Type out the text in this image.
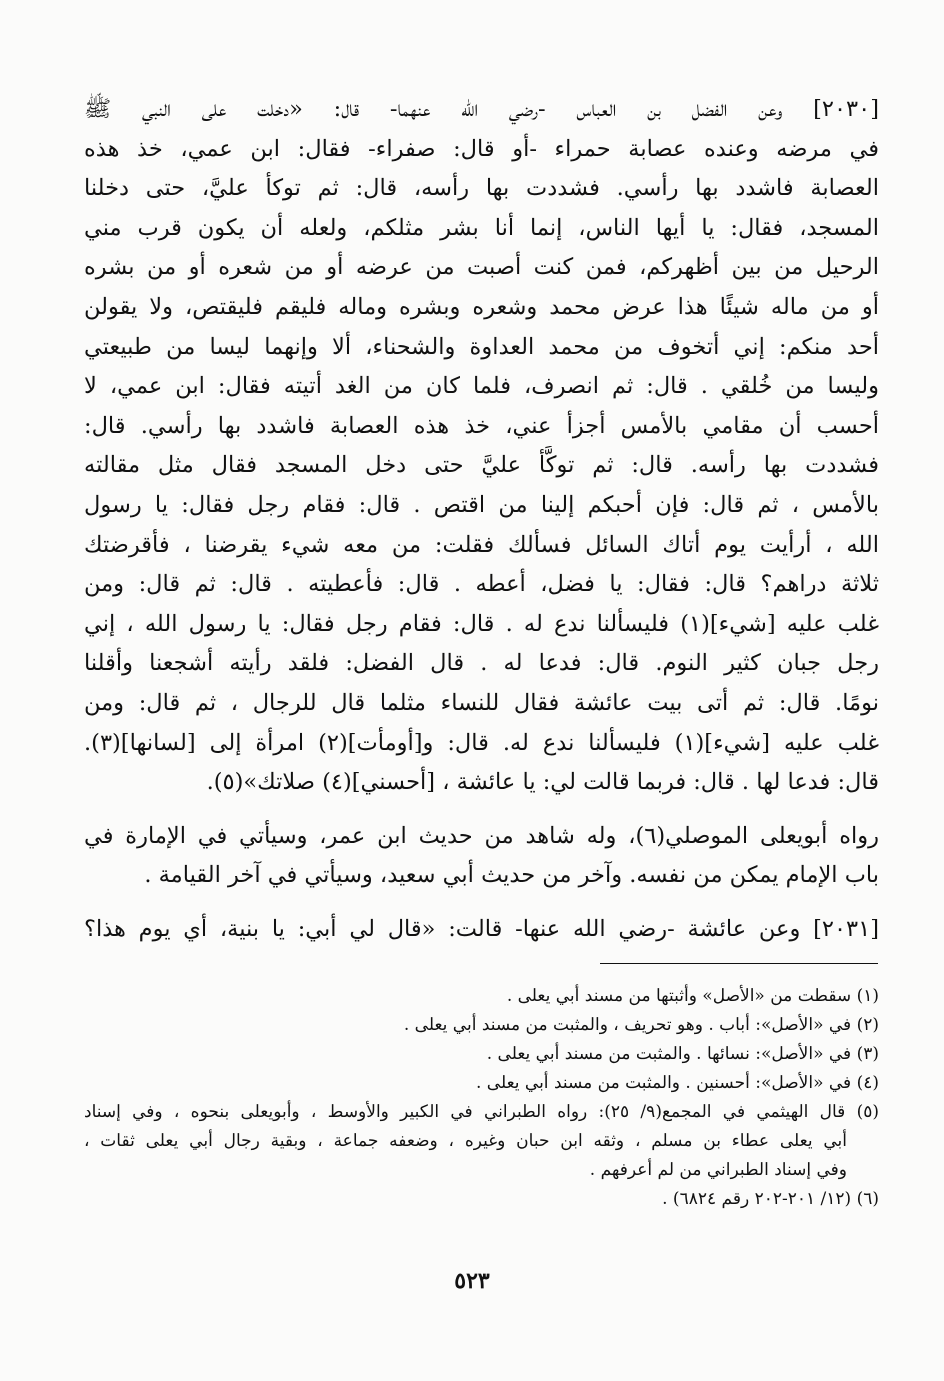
[٢٠٣٠] وعن الفضل بن العباس -رضي الله عنهما- قال: «دخلت على النبي ﷺ
في مرضه وعنده عصابة حمراء -أو قال: صفراء- فقال: ابن عمي، خذ هذه
العصابة فاشدد بها رأسي. فشددت بها رأسه، قال: ثم توكأ عليَّ، حتى دخلنا
المسجد، فقال: يا أيها الناس، إنما أنا بشر مثلكم، ولعله أن يكون قرب مني
الرحيل من بين أظهركم، فمن كنت أصبت من عرضه أو من شعره أو من بشره
أو من ماله شيئًا هذا عرض محمد وشعره وبشره وماله فليقم فليقتص، ولا يقولن
أحد منكم: إني أتخوف من محمد العداوة والشحناء، ألا وإنهما ليسا من طبيعتي
وليسا من خُلقي . قال: ثم انصرف، فلما كان من الغد أتيته فقال: ابن عمي، لا
أحسب أن مقامي بالأمس أجزأ عني، خذ هذه العصابة فاشدد بها رأسي. قال:
فشددت بها رأسه. قال: ثم توكَّأ عليَّ حتى دخل المسجد فقال مثل مقالته
بالأمس ، ثم قال: فإن أحبكم إلينا من اقتص . قال: فقام رجل فقال: يا رسول
الله ، أرأيت يوم أتاك السائل فسألك فقلت: من معه شيء يقرضنا ، فأقرضتك
ثلاثة دراهم؟ قال: فقال: يا فضل، أعطه . قال: فأعطيته . قال: ثم قال: ومن
غلب عليه [شيء](١) فليسألنا ندع له . قال: فقام رجل فقال: يا رسول الله ، إني
رجل جبان كثير النوم. قال: فدعا له . قال الفضل: فلقد رأيته أشجعنا وأقلنا
نومًا. قال: ثم أتى بيت عائشة فقال للنساء مثلما قال للرجال ، ثم قال: ومن
غلب عليه [شيء](١) فليسألنا ندع له. قال: و[أومأت](٢) امرأة إلى [لسانها](٣).
قال: فدعا لها . قال: فربما قالت لي: يا عائشة ، [أحسني](٤) صلاتك»(٥).
رواه أبويعلى الموصلي(٦)، وله شاهد من حديث ابن عمر، وسيأتي في الإمارة في
باب الإمام يمكن من نفسه. وآخر من حديث أبي سعيد، وسيأتي في آخر القيامة .
[٢٠٣١] وعن عائشة -رضي الله عنها- قالت: «قال لي أبي: يا بنية، أي يوم هذا؟
(١) سقطت من «الأصل» وأثبتها من مسند أبي يعلى .
(٢) في «الأصل»: أباب . وهو تحريف ، والمثبت من مسند أبي يعلى .
(٣) في «الأصل»: نسائها . والمثبت من مسند أبي يعلى .
(٤) في «الأصل»: أحسنين . والمثبت من مسند أبي يعلى .
(٥) قال الهيثمي في المجمع(٩/ ٢٥): رواه الطبراني في الكبير والأوسط ، وأبويعلى بنحوه ، وفي إسناد
أبي يعلى عطاء بن مسلم ، وثقه ابن حبان وغيره ، وضعفه جماعة ، وبقية رجال أبي يعلى ثقات ،
وفي إسناد الطبراني من لم أعرفهم .
(٦) (١٢/ ٢٠١-٢٠٢ رقم ٦٨٢٤) .
٥٢٣
